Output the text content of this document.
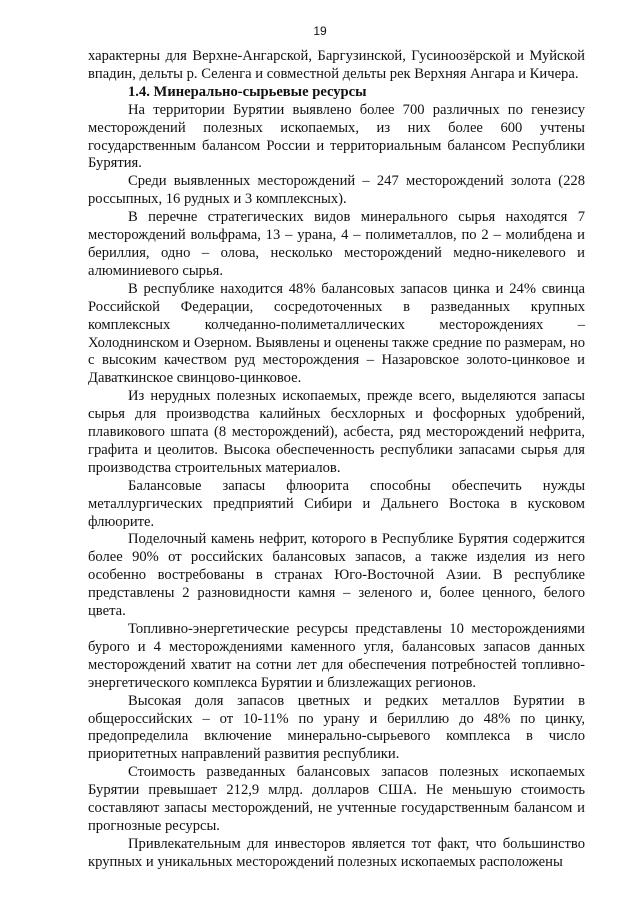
19

характерны для Верхне-Ангарской, Баргузинской, Гусиноозёрской и Муйской впадин, дельты р. Селенга и совместной дельты рек Верхняя Ангара и Кичера.

1.4. Минерально-сырьевые ресурсы

На территории Бурятии выявлено более 700 различных по генезису месторождений полезных ископаемых, из них более 600 учтены государственным балансом России и территориальным балансом Республики Бурятия.

Среди выявленных месторождений – 247 месторождений золота (228 россыпных, 16 рудных и 3 комплексных).

В перечне стратегических видов минерального сырья находятся 7 месторождений вольфрама, 13 – урана, 4 – полиметаллов, по 2 – молибдена и бериллия, одно – олова, несколько месторождений медно-никелевого и алюминиевого сырья.

В республике находится 48% балансовых запасов цинка и 24% свинца Российской Федерации, сосредоточенных в разведанных крупных комплексных колчеданно-полиметаллических месторождениях – Холоднинском и Озерном. Выявлены и оценены также средние по размерам, но с высоким качеством руд месторождения – Назаровское золото-цинковое и Даваткинское свинцово-цинковое.

Из нерудных полезных ископаемых, прежде всего, выделяются запасы сырья для производства калийных бесхлорных и фосфорных удобрений, плавикового шпата (8 месторождений), асбеста, ряд месторождений нефрита, графита и цеолитов. Высока обеспеченность республики запасами сырья для производства строительных материалов.

Балансовые запасы флюорита способны обеспечить нужды металлургических предприятий Сибири и Дальнего Востока в кусковом флюорите.

Поделочный камень нефрит, которого в Республике Бурятия содержится более 90% от российских балансовых запасов, а также изделия из него особенно востребованы в странах Юго-Восточной Азии. В республике представлены 2 разновидности камня – зеленого и, более ценного, белого цвета.

Топливно-энергетические ресурсы представлены 10 месторождениями бурого и 4 месторождениями каменного угля, балансовых запасов данных месторождений хватит на сотни лет для обеспечения потребностей топливно-энергетического комплекса Бурятии и близлежащих регионов.

Высокая доля запасов цветных и редких металлов Бурятии в общероссийских – от 10-11% по урану и бериллию до 48% по цинку, предопределила включение минерально-сырьевого комплекса в число приоритетных направлений развития республики.

Стоимость разведанных балансовых запасов полезных ископаемых Бурятии превышает 212,9 млрд. долларов США. Не меньшую стоимость составляют запасы месторождений, не учтенные государственным балансом и прогнозные ресурсы.

Привлекательным для инвесторов является тот факт, что большинство крупных и уникальных месторождений полезных ископаемых расположены
